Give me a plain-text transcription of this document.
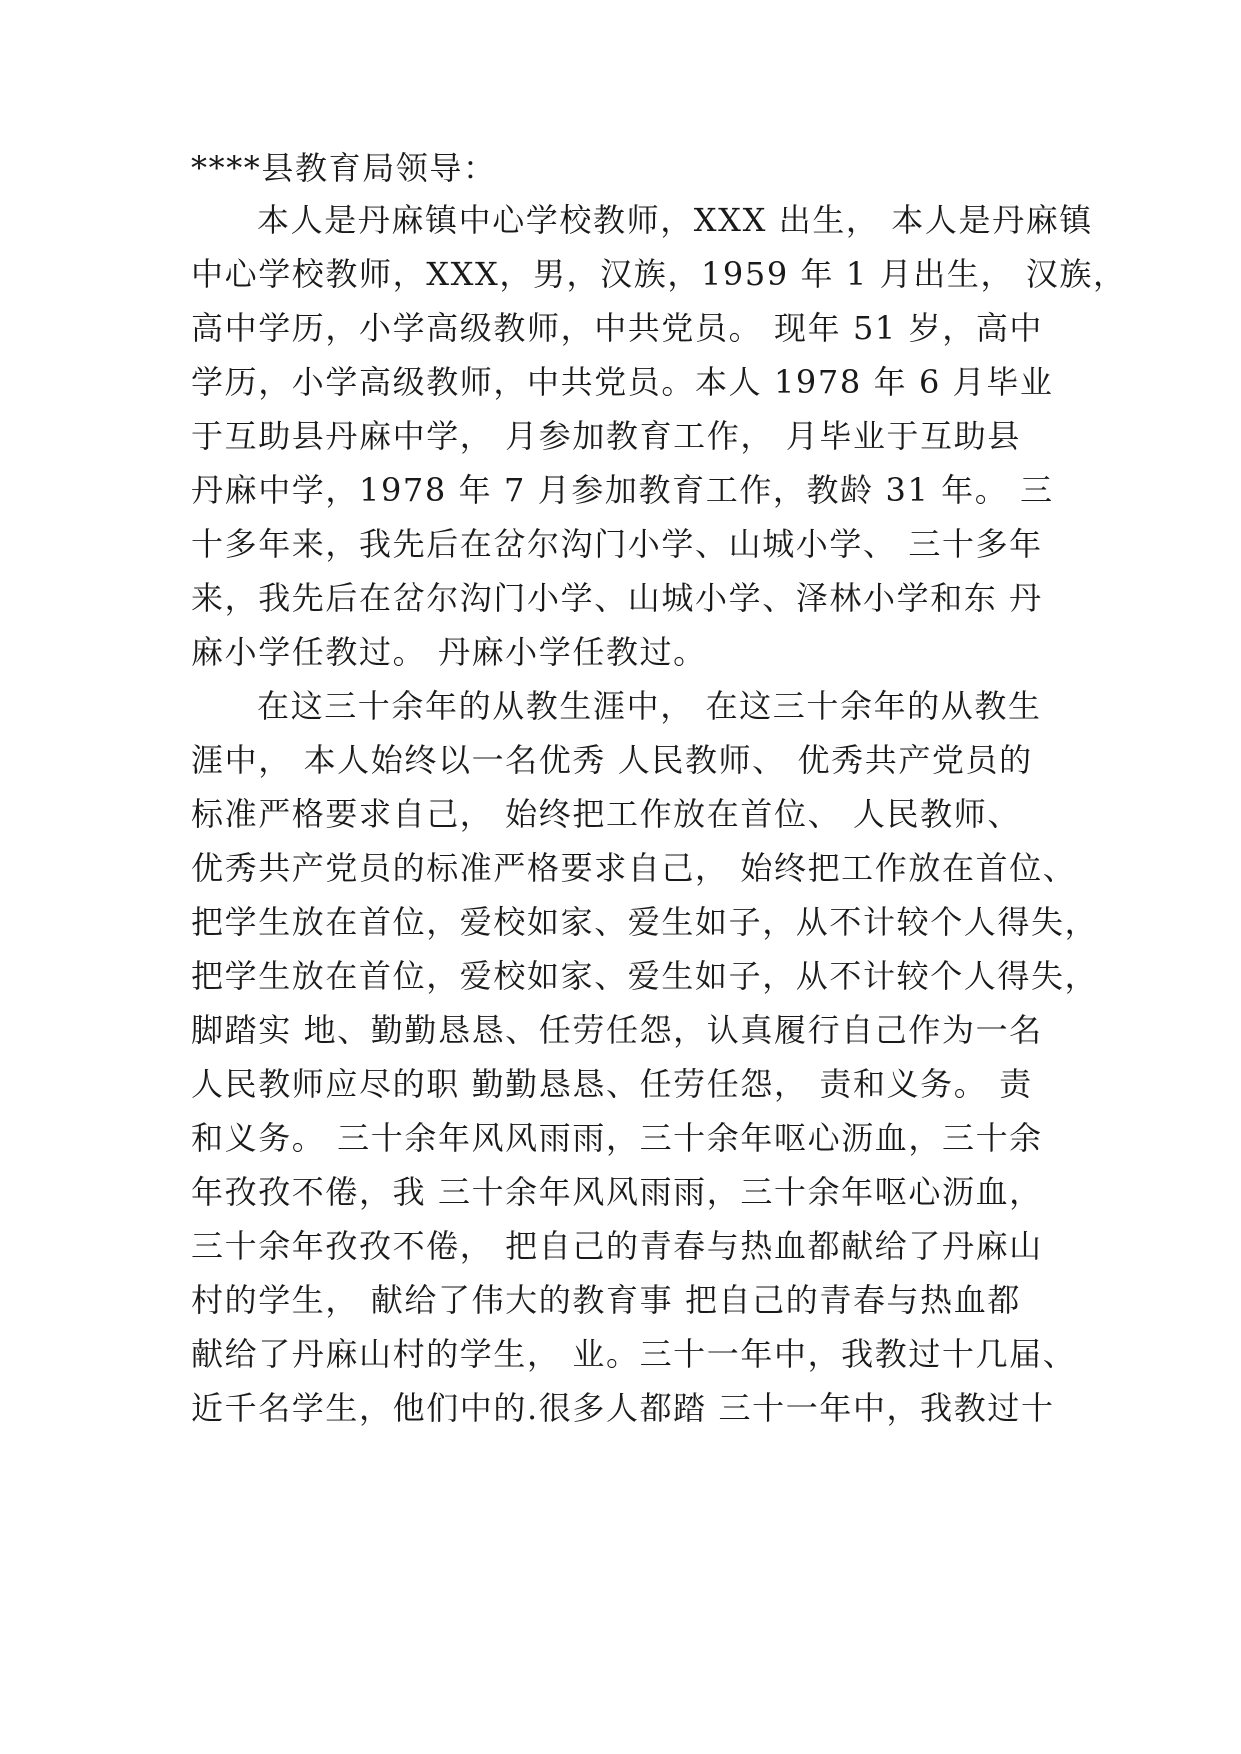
****县教育局领导：

本人是丹麻镇中心学校教师，XXX 出生， 本人是丹麻镇

中心学校教师，XXX，男，汉族，1959 年 1 月出生， 汉族，

高中学历，小学高级教师，中共党员。 现年 51 岁，高中

学历，小学高级教师，中共党员。本人 1978 年 6 月毕业

于互助县丹麻中学， 月参加教育工作， 月毕业于互助县

丹麻中学，1978 年 7 月参加教育工作，教龄 31 年。 三

十多年来，我先后在岔尔沟门小学、山城小学、 三十多年

来，我先后在岔尔沟门小学、山城小学、泽林小学和东 丹

麻小学任教过。 丹麻小学任教过。

在这三十余年的从教生涯中， 在这三十余年的从教生

涯中， 本人始终以一名优秀 人民教师、 优秀共产党员的

标准严格要求自己， 始终把工作放在首位、 人民教师、

优秀共产党员的标准严格要求自己， 始终把工作放在首位、

把学生放在首位，爱校如家、爱生如子，从不计较个人得失，

把学生放在首位，爱校如家、爱生如子，从不计较个人得失，

脚踏实 地、勤勤恳恳、任劳任怨，认真履行自己作为一名

人民教师应尽的职 勤勤恳恳、任劳任怨， 责和义务。 责

和义务。 三十余年风风雨雨，三十余年呕心沥血，三十余

年孜孜不倦，我 三十余年风风雨雨，三十余年呕心沥血，

三十余年孜孜不倦， 把自己的青春与热血都献给了丹麻山

村的学生， 献给了伟大的教育事 把自己的青春与热血都

献给了丹麻山村的学生， 业。三十一年中，我教过十几届、

近千名学生，他们中的.很多人都踏 三十一年中，我教过十
